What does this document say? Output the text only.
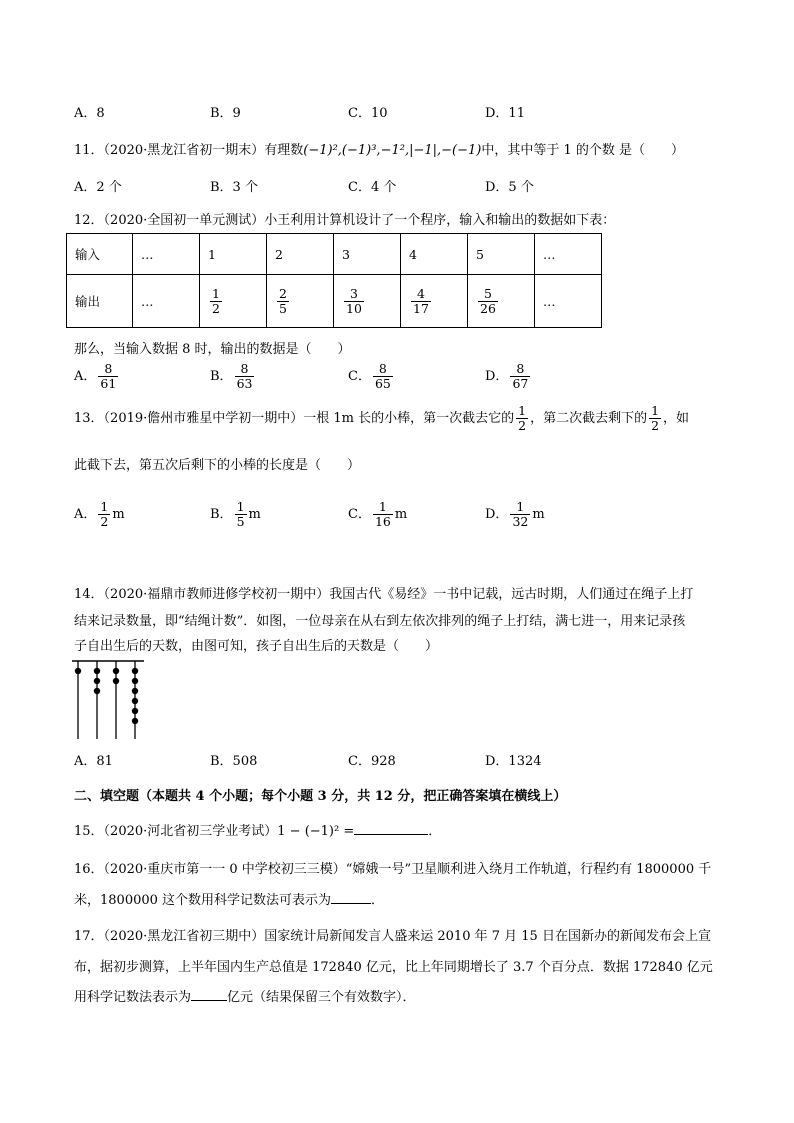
A．8	B．9	C．10	D．11
11．（2020·黑龙江省初一期末）有理数(−1)²,(−1)³,−1²,|−1|,−(−1)中，其中等于 1 的个数 是（　　）
A．2 个	B．3 个	C．4 个	D．5 个
12．（2020·全国初一单元测试）小王利用计算机设计了一个程序，输入和输出的数据如下表：
输入	…	1	2	3	4	5	…
输出	…	$\frac{1}{2}$	$\frac{2}{5}$	$\frac{3}{10}$	$\frac{4}{17}$	$\frac{5}{26}$	…
那么，当输入数据 8 时，输出的数据是（　　）
A． $\frac{8}{61}$	B． $\frac{8}{63}$	C． $\frac{8}{65}$	D． $\frac{8}{67}$
13．（2019·儋州市雅星中学初一期中）一根 1m 长的小棒，第一次截去它的 $\frac{1}{2}$ ，第二次截去剩下的 $\frac{1}{2}$ ，如
此截下去，第五次后剩下的小棒的长度是（　　）
A． $\frac{1}{2}$ m	B． $\frac{1}{5}$ m	C． $\frac{1}{16}$ m	D． $\frac{1}{32}$ m
14．（2020·福鼎市教师进修学校初一期中）我国古代《易经》一书中记载，远古时期，人们通过在绳子上打
结来记录数量，即“结绳计数”．如图，一位母亲在从右到左依次排列的绳子上打结，满七进一，用来记录孩
子自出生后的天数，由图可知，孩子自出生后的天数是（　　）
A．81	B．508	C．928	D．1324
二、填空题（本题共 4 个小题；每个小题 3 分，共 12 分，把正确答案填在横线上）
15．（2020·河北省初三学业考试）1 − (−1)² =	．
16．（2020·重庆市第一一 0 中学校初三三模）“嫦娥一号”卫星顺利进入绕月工作轨道，行程约有 1800000 千
米，1800000 这个数用科学记数法可表示为	．
17．（2020·黑龙江省初三期中）国家统计局新闻发言人盛来运 2010 年 7 月 15 日在国新办的新闻发布会上宣
布，据初步测算，上半年国内生产总值是 172840 亿元，比上年同期增长了 3.7 个百分点．数据 172840 亿元
用科学记数法表示为	亿元（结果保留三个有效数字）．
